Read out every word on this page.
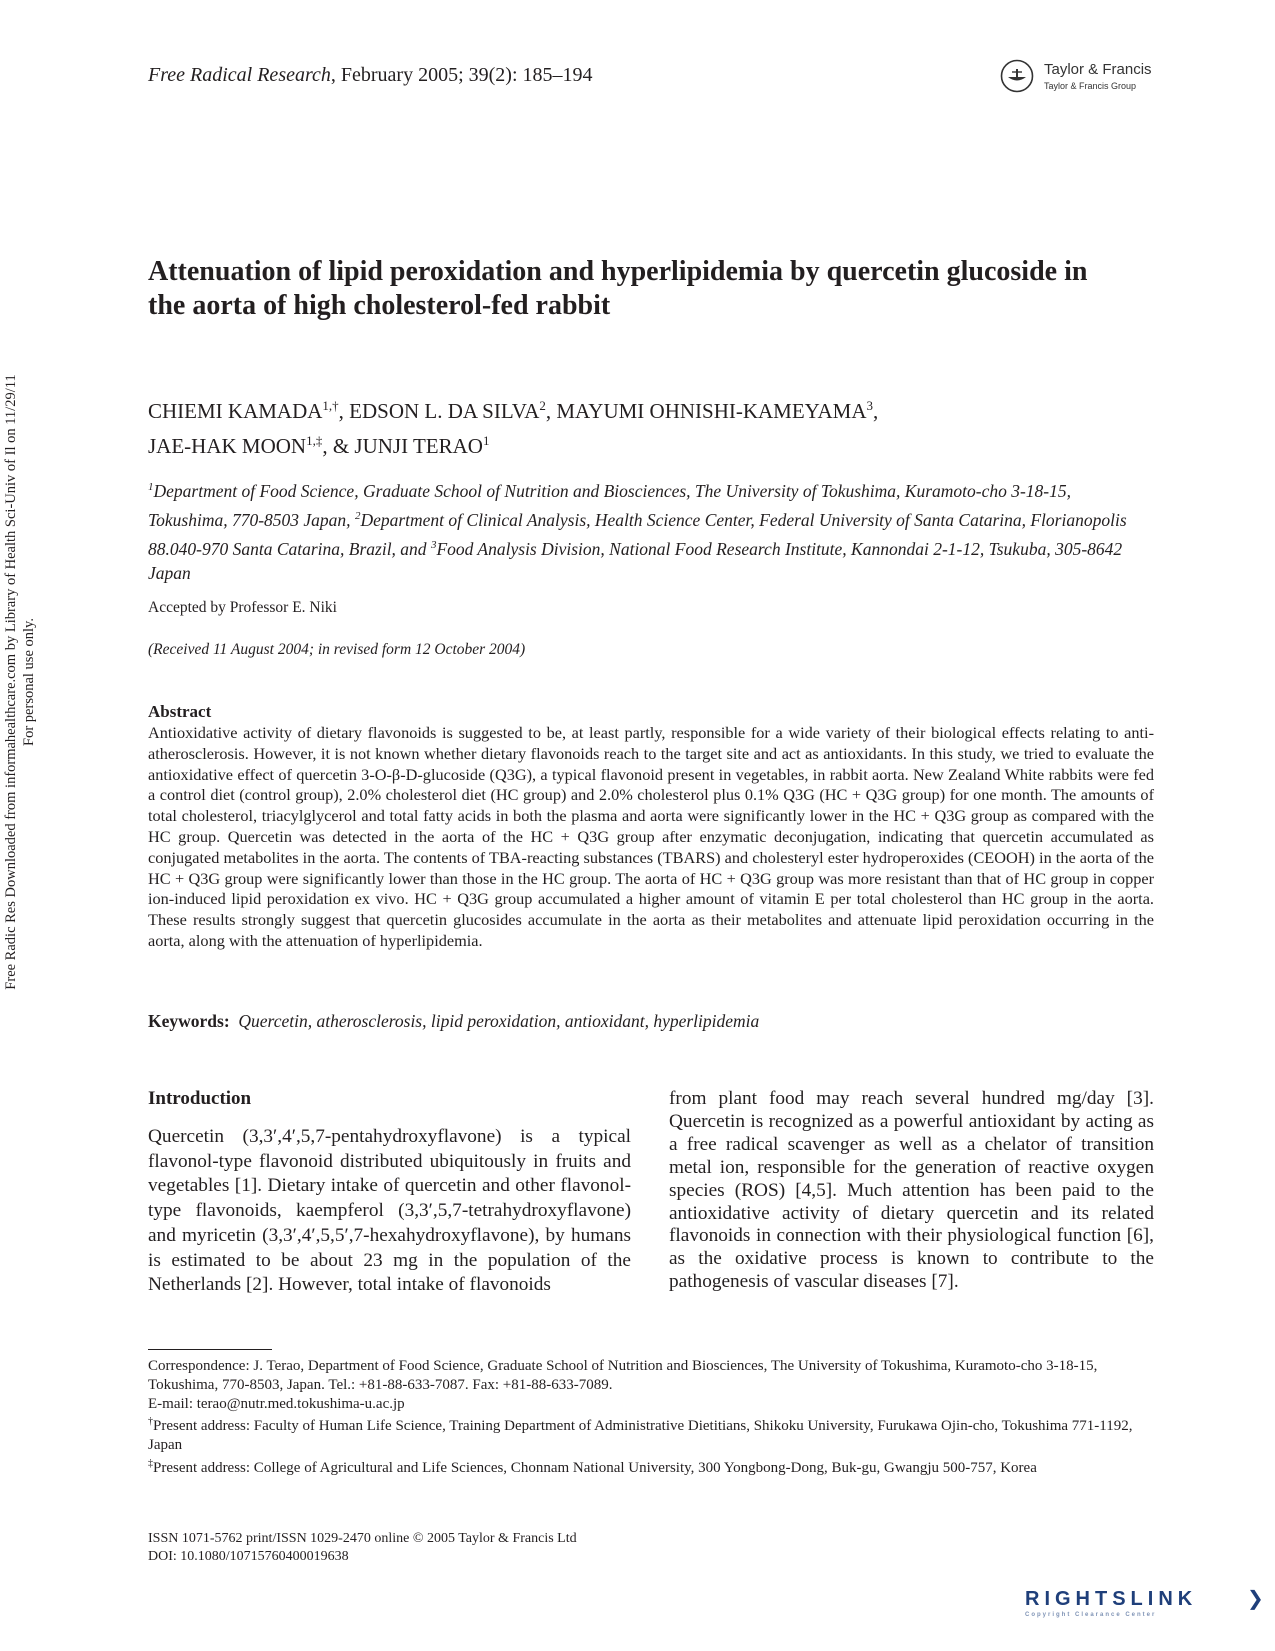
Free Radic Res Downloaded from informahealthcare.com by Library of Health Sci-Univ of Il on 11/29/11 For personal use only.
Free Radical Research, February 2005; 39(2): 185–194	Taylor & Francis
Taylor & Francis Group
Attenuation of lipid peroxidation and hyperlipidemia by quercetin glucoside in the aorta of high cholesterol-fed rabbit
CHIEMI $KAMADA^{1,\dagger}$, EDSON L. DA SILVA$^2$, MAYUMI OHNISHI-KAMEYAMA$^3$,
JAE-HAK $MOON^{1,\ddagger}$, & JUNJI TERAO$^1$
$^1$Department of Food Science, Graduate School of Nutrition and Biosciences, The University of Tokushima, Kuramoto-cho 3-18-15, Tokushima, 770-8503 Japan, $^2$Department of Clinical Analysis, Health Science Center, Federal University of Santa Catarina, Florianopolis 88.040-970 Santa Catarina, Brazil, and $^3$Food Analysis Division, National Food Research Institute, Kannondai 2-1-12, Tsukuba, 305-8642 Japan
Accepted by Professor E. Niki
(Received 11 August 2004; in revised form 12 October 2004)
Abstract
Antioxidative activity of dietary flavonoids is suggested to be, at least partly, responsible for a wide variety of their biological effects relating to anti-atherosclerosis. However, it is not known whether dietary flavonoids reach to the target site and act as antioxidants. In this study, we tried to evaluate the antioxidative effect of quercetin 3-O-β-D-glucoside (Q3G), a typical flavonoid present in vegetables, in rabbit aorta. New Zealand White rabbits were fed a control diet (control group), 2.0% cholesterol diet (HC group) and 2.0% cholesterol plus 0.1% Q3G (HC + Q3G group) for one month. The amounts of total cholesterol, triacylglycerol and total fatty acids in both the plasma and aorta were significantly lower in the HC + Q3G group as compared with the HC group. Quercetin was detected in the aorta of the HC + Q3G group after enzymatic deconjugation, indicating that quercetin accumulated as conjugated metabolites in the aorta. The contents of TBA-reacting substances (TBARS) and cholesteryl ester hydroperoxides (CEOOH) in the aorta of the HC + Q3G group were significantly lower than those in the HC group. The aorta of HC + Q3G group was more resistant than that of HC group in copper ion-induced lipid peroxidation ex vivo. HC + Q3G group accumulated a higher amount of vitamin E per total cholesterol than HC group in the aorta. These results strongly suggest that quercetin glucosides accumulate in the aorta as their metabolites and attenuate lipid peroxidation occurring in the aorta, along with the attenuation of hyperlipidemia.
Keywords: Quercetin, atherosclerosis, lipid peroxidation, antioxidant, hyperlipidemia
Introduction
Quercetin (3,3′,4′,5,7-pentahydroxyflavone) is a typical flavonol-type flavonoid distributed ubiquitously in fruits and vegetables [1]. Dietary intake of quercetin and other flavonol-type flavonoids, kaempferol (3,3′,5,7-tetrahydroxyflavone) and myricetin (3,3′,4′,5,5′,7-hexahydroxyflavone), by humans is estimated to be about 23 mg in the population of the Netherlands [2]. However, total intake of flavonoids
from plant food may reach several hundred mg/day [3]. Quercetin is recognized as a powerful antioxidant by acting as a free radical scavenger as well as a chelator of transition metal ion, responsible for the generation of reactive oxygen species (ROS) [4,5]. Much attention has been paid to the antioxidative activity of dietary quercetin and its related flavonoids in connection with their physiological function [6], as the oxidative process is known to contribute to the pathogenesis of vascular diseases [7].

Correspondence: J. Terao, Department of Food Science, Graduate School of Nutrition and Biosciences, The University of Tokushima, Kuramoto-cho 3-18-15, Tokushima, 770-8503, Japan. Tel.: +81-88-633-7087. Fax: +81-88-633-7089.

E-mail: terao@nutr.med.tokushima-u.ac.jp

†Present address: Faculty of Human Life Science, Training Department of Administrative Dietitians, Shikoku University, Furukawa Ojin-cho, Tokushima 771-1192, Japan

‡Present address: College of Agricultural and Life Sciences, Chonnam National University, 300 Yongbong-Dong, Buk-gu, Gwangju 500-757, Korea

ISSN 1071-5762 print/ISSN 1029-2470 online © 2005 Taylor & Francis Ltd
DOI: 10.1080/10715760400019638
RIGHTSLINK ❯
Copyright Clearance Center
